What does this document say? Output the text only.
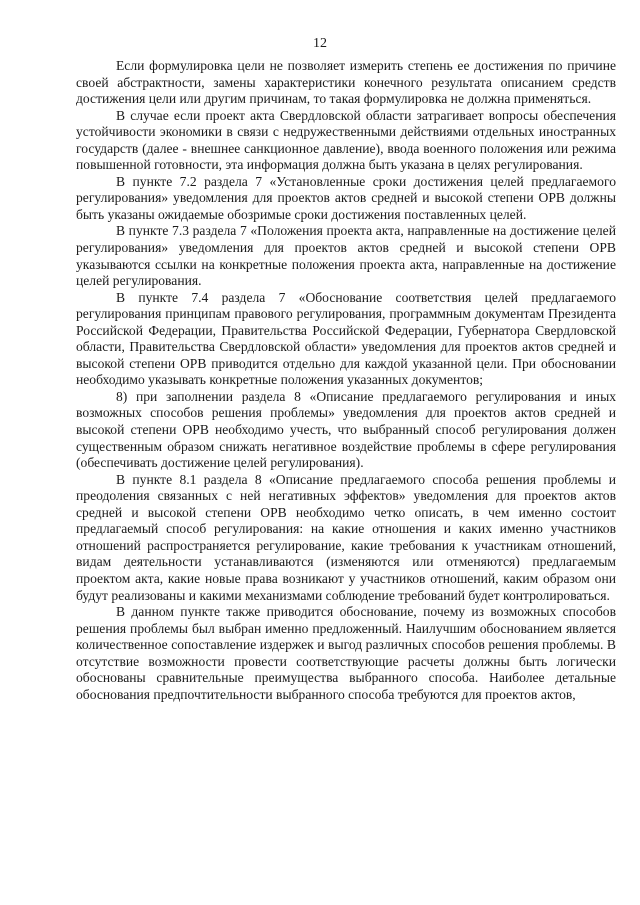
12

Если формулировка цели не позволяет измерить степень ее достижения по причине своей абстрактности, замены характеристики конечного результата описанием средств достижения цели или другим причинам, то такая формулировка не должна применяться.

В случае если проект акта Свердловской области затрагивает вопросы обеспечения устойчивости экономики в связи с недружественными действиями отдельных иностранных государств (далее - внешнее санкционное давление), ввода военного положения или режима повышенной готовности, эта информация должна быть указана в целях регулирования.

В пункте 7.2 раздела 7 «Установленные сроки достижения целей предлагаемого регулирования» уведомления для проектов актов средней и высокой степени ОРВ должны быть указаны ожидаемые обозримые сроки достижения поставленных целей.

В пункте 7.3 раздела 7 «Положения проекта акта, направленные на достижение целей регулирования» уведомления для проектов актов средней и высокой степени ОРВ указываются ссылки на конкретные положения проекта акта, направленные на достижение целей регулирования.

В пункте 7.4 раздела 7 «Обоснование соответствия целей предлагаемого регулирования принципам правового регулирования, программным документам Президента Российской Федерации, Правительства Российской Федерации, Губернатора Свердловской области, Правительства Свердловской области» уведомления для проектов актов средней и высокой степени ОРВ приводится отдельно для каждой указанной цели. При обосновании необходимо указывать конкретные положения указанных документов;

8) при заполнении раздела 8 «Описание предлагаемого регулирования и иных возможных способов решения проблемы» уведомления для проектов актов средней и высокой степени ОРВ необходимо учесть, что выбранный способ регулирования должен существенным образом снижать негативное воздействие проблемы в сфере регулирования (обеспечивать достижение целей регулирования).

В пункте 8.1 раздела 8 «Описание предлагаемого способа решения проблемы и преодоления связанных с ней негативных эффектов» уведомления для проектов актов средней и высокой степени ОРВ необходимо четко описать, в чем именно состоит предлагаемый способ регулирования: на какие отношения и каких именно участников отношений распространяется регулирование, какие требования к участникам отношений, видам деятельности устанавливаются (изменяются или отменяются) предлагаемым проектом акта, какие новые права возникают у участников отношений, каким образом они будут реализованы и какими механизмами соблюдение требований будет контролироваться.

В данном пункте также приводится обоснование, почему из возможных способов решения проблемы был выбран именно предложенный. Наилучшим обоснованием является количественное сопоставление издержек и выгод различных способов решения проблемы. В отсутствие возможности провести соответствующие расчеты должны быть логически обоснованы сравнительные преимущества выбранного способа. Наиболее детальные обоснования предпочтительности выбранного способа требуются для проектов актов,
